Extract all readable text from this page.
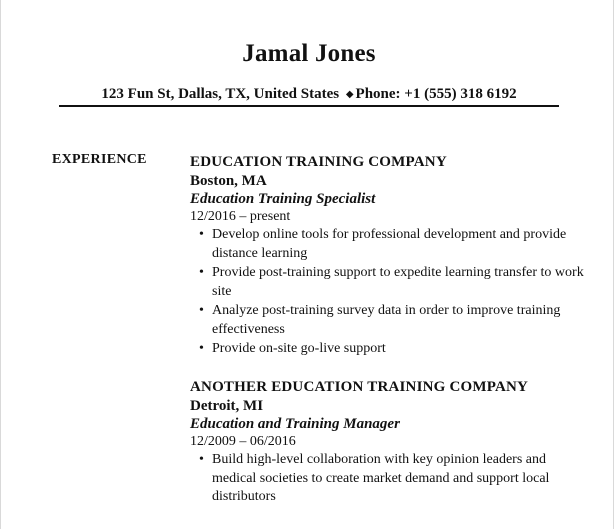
Jamal Jones
123 Fun St, Dallas, TX, United States ◆ Phone: +1 (555) 318 6192
EXPERIENCE	EDUCATION TRAINING COMPANY
Boston, MA
Education Training Specialist
12/2016 – present
• Develop online tools for professional development and provide distance learning
• Provide post-training support to expedite learning transfer to work site
• Analyze post-training survey data in order to improve training effectiveness
• Provide on-site go-live support
ANOTHER EDUCATION TRAINING COMPANY
Detroit, MI
Education and Training Manager
12/2009 – 06/2016
• Build high-level collaboration with key opinion leaders and medical societies to create market demand and support local distributors
